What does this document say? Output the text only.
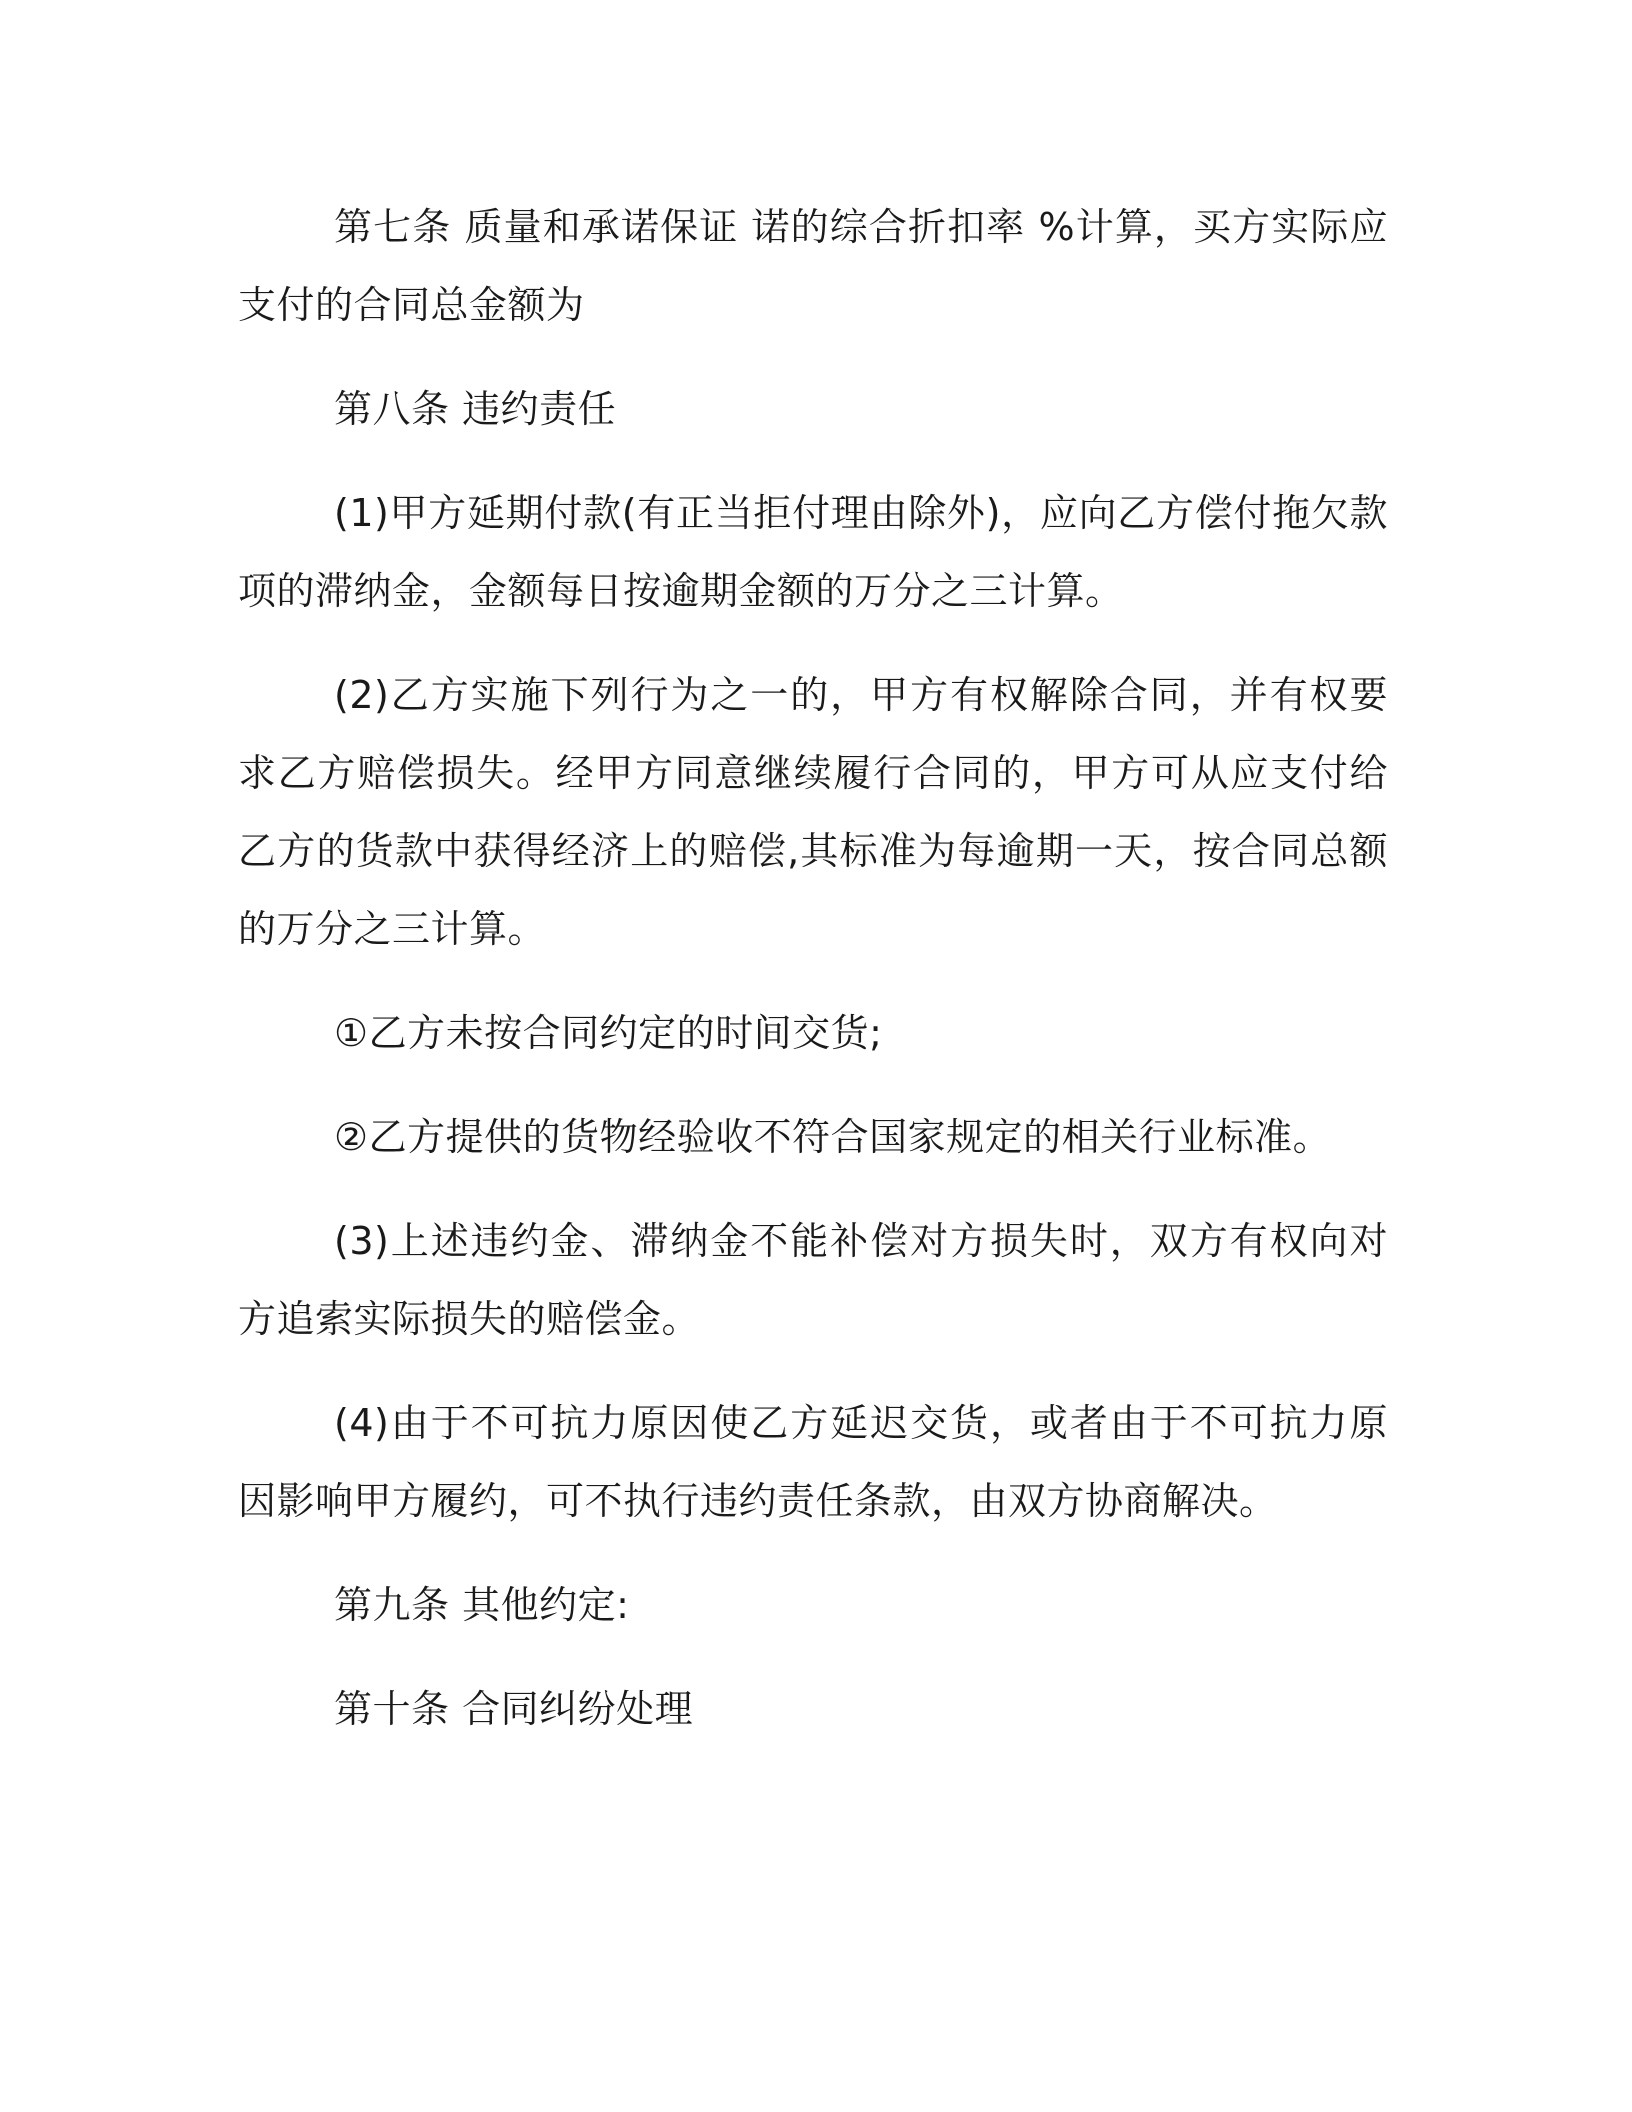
第七条 质量和承诺保证 诺的综合折扣率 %计算，买方实际应支付的合同总金额为

第八条 违约责任

(1)甲方延期付款(有正当拒付理由除外)，应向乙方偿付拖欠款项的滞纳金，金额每日按逾期金额的万分之三计算。

(2)乙方实施下列行为之一的，甲方有权解除合同，并有权要求乙方赔偿损失。经甲方同意继续履行合同的，甲方可从应支付给乙方的货款中获得经济上的赔偿,其标准为每逾期一天，按合同总额的万分之三计算。

①乙方未按合同约定的时间交货;

②乙方提供的货物经验收不符合国家规定的相关行业标准。

(3)上述违约金、滞纳金不能补偿对方损失时，双方有权向对方追索实际损失的赔偿金。

(4)由于不可抗力原因使乙方延迟交货，或者由于不可抗力原因影响甲方履约，可不执行违约责任条款，由双方协商解决。

第九条 其他约定:

第十条 合同纠纷处理
